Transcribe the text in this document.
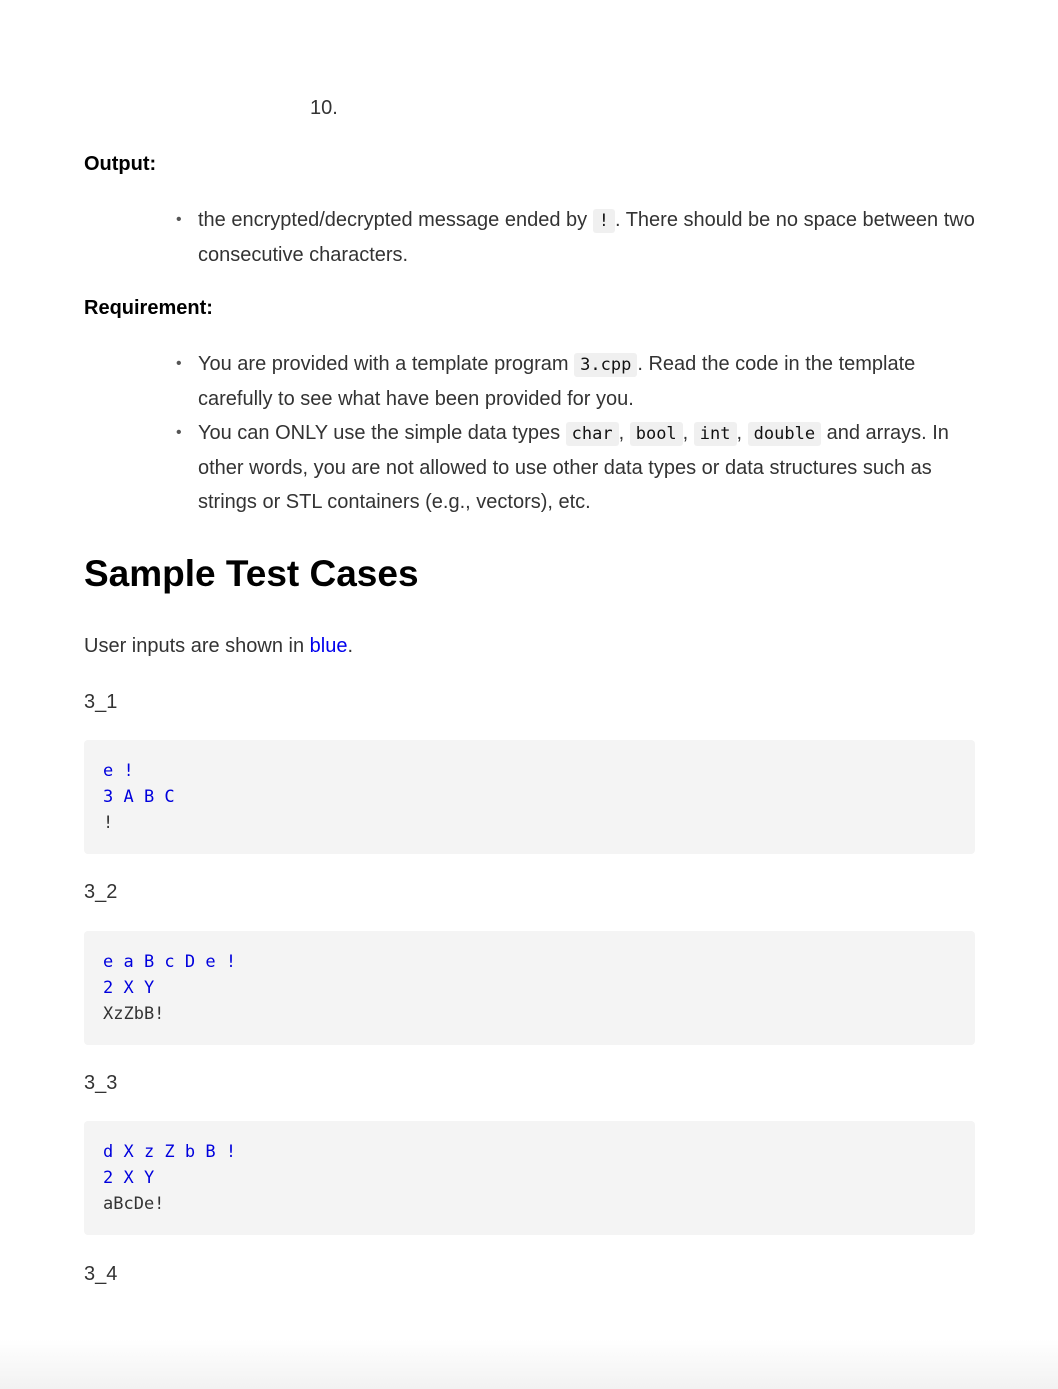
10.
Output:
• the encrypted/decrypted message ended by ! . There should be no space between two consecutive characters.
Requirement:
• You are provided with a template program 3.cpp . Read the code in the template carefully to see what have been provided for you.
• You can ONLY use the simple data types char , bool , int , double and arrays. In other words, you are not allowed to use other data types or data structures such as strings or STL containers (e.g., vectors), etc.
Sample Test Cases
User inputs are shown in blue.
3_1
e !
3 A B C
!
3_2
e a B c D e !
2 X Y
XzZbB!
3_3
d X z Z b B !
2 X Y
aBcDe!
3_4
